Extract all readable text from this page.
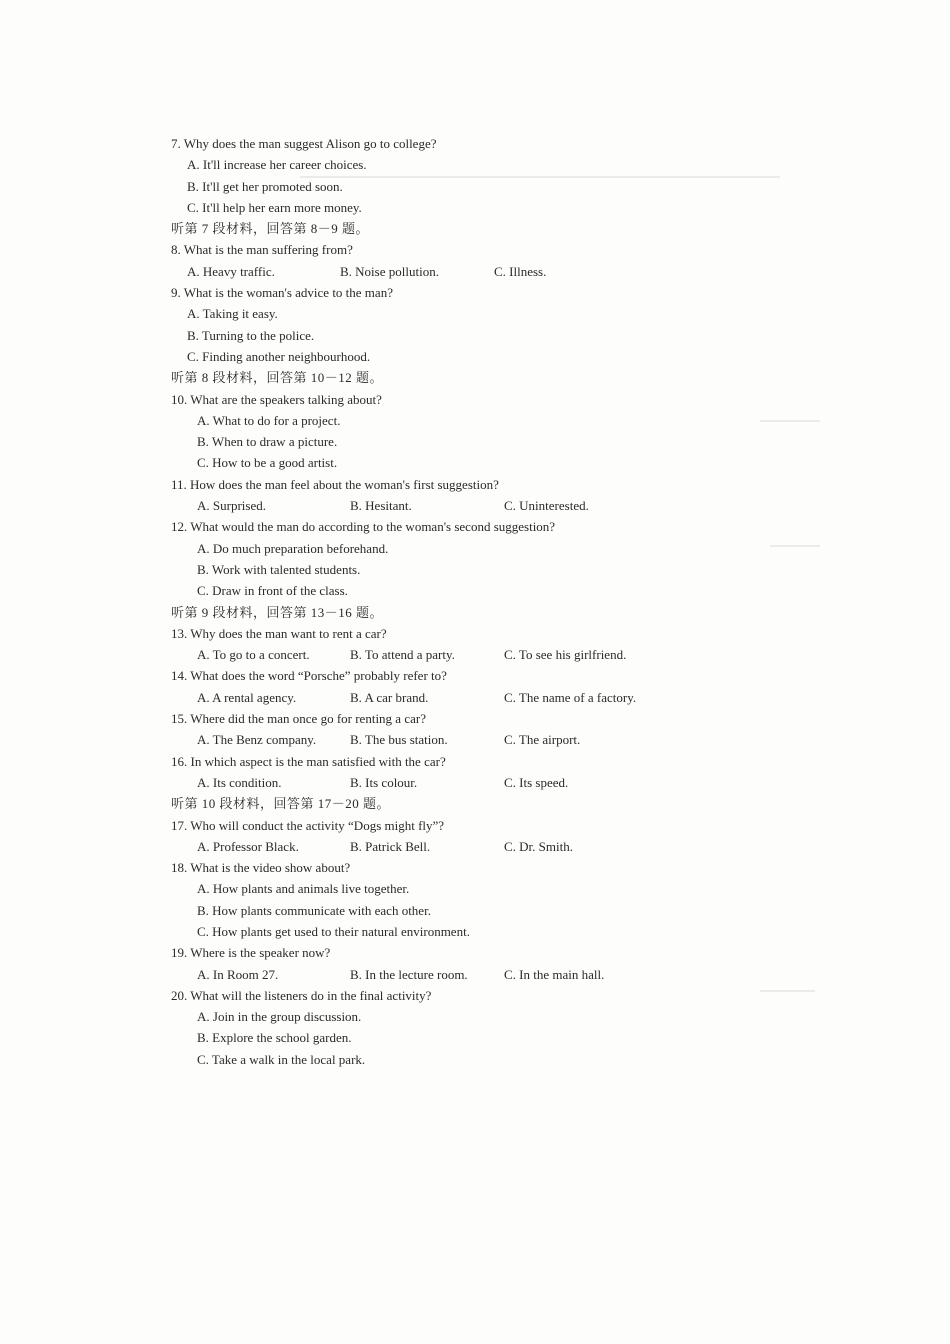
7. Why does the man suggest Alison go to college?
A. It'll increase her career choices.
B. It'll get her promoted soon.
C. It'll help her earn more money.
听第 7 段材料，回答第 8－9 题。
8. What is the man suffering from?
A. Heavy traffic.	B. Noise pollution.	C. Illness.
9. What is the woman's advice to the man?
A. Taking it easy.
B. Turning to the police.
C. Finding another neighbourhood.
听第 8 段材料，回答第 10－12 题。
10. What are the speakers talking about?
A. What to do for a project.
B. When to draw a picture.
C. How to be a good artist.
11. How does the man feel about the woman's first suggestion?
A. Surprised.	B. Hesitant.	C. Uninterested.
12. What would the man do according to the woman's second suggestion?
A. Do much preparation beforehand.
B. Work with talented students.
C. Draw in front of the class.
听第 9 段材料，回答第 13－16 题。
13. Why does the man want to rent a car?
A. To go to a concert.	B. To attend a party.	C. To see his girlfriend.
14. What does the word “Porsche” probably refer to?
A. A rental agency.	B. A car brand.	C. The name of a factory.
15. Where did the man once go for renting a car?
A. The Benz company.	B. The bus station.	C. The airport.
16. In which aspect is the man satisfied with the car?
A. Its condition.	B. Its colour.	C. Its speed.
听第 10 段材料，回答第 17－20 题。
17. Who will conduct the activity “Dogs might fly”?
A. Professor Black.	B. Patrick Bell.	C. Dr. Smith.
18. What is the video show about?
A. How plants and animals live together.
B. How plants communicate with each other.
C. How plants get used to their natural environment.
19. Where is the speaker now?
A. In Room 27.	B. In the lecture room.	C. In the main hall.
20. What will the listeners do in the final activity?
A. Join in the group discussion.
B. Explore the school garden.
C. Take a walk in the local park.
